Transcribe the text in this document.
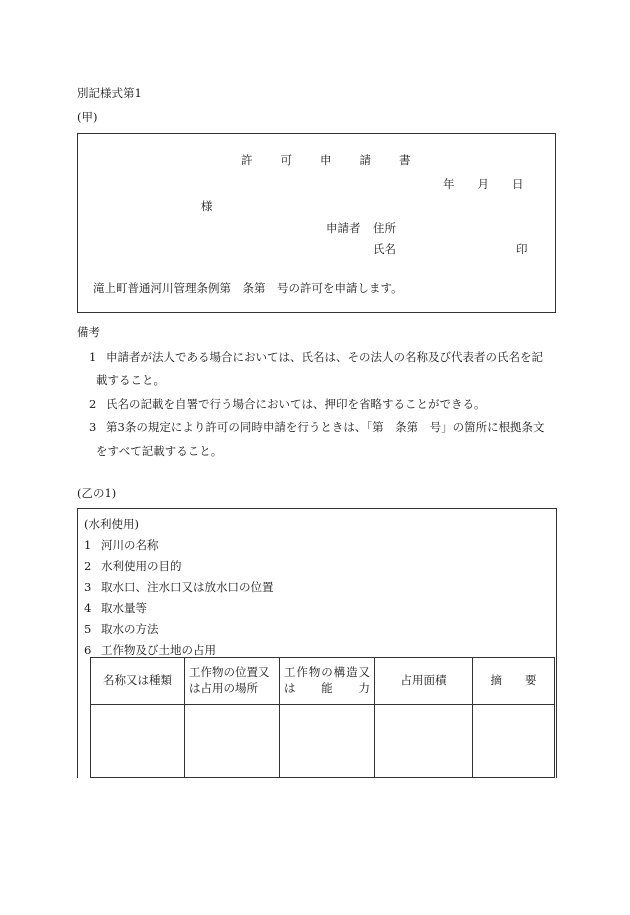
別記様式第1
(甲)
許可申請書
年　　月　　日
様
申請者 住所
氏名	印
滝上町普通河川管理条例第　条第　号の許可を申請します。
備考
1 申請者が法人である場合においては、氏名は、その法人の名称及び代表者の氏名を記
載すること。
2 氏名の記載を自署で行う場合においては、押印を省略することができる。
3 第3条の規定により許可の同時申請を行うときは、「第　条第　号」の箇所に根拠条文
をすべて記載すること。
(乙の1)
(水利使用)
1 河川の名称
2 水利使用の目的
3 取水口、注水口又は放水口の位置
4 取水量等
5 取水の方法
6 工作物及び土地の占用
名称又は種類	工作物の位置又は占用の場所	工作物の構造又は能力	占用面積	摘　　要
